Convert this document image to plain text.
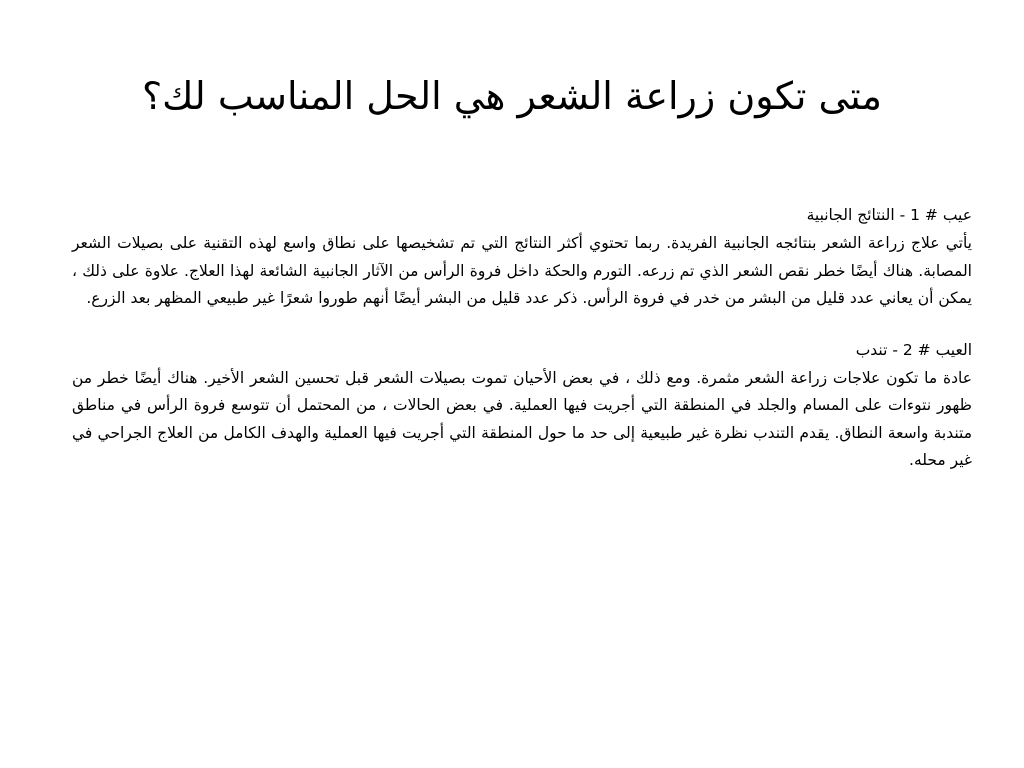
متى تكون زراعة الشعر هي الحل المناسب لك؟

عيب # 1 - النتائج الجانبية

يأتي علاج زراعة الشعر بنتائجه الجانبية الفريدة. ربما تحتوي أكثر النتائج التي تم تشخيصها على نطاق واسع لهذه التقنية على بصيلات الشعر المصابة. هناك أيضًا خطر نقص الشعر الذي تم زرعه. التورم والحكة داخل فروة الرأس من الآثار الجانبية الشائعة لهذا العلاج. علاوة على ذلك ، يمكن أن يعاني عدد قليل من البشر من خدر في فروة الرأس. ذكر عدد قليل من البشر أيضًا أنهم طوروا شعرًا غير طبيعي المظهر بعد الزرع.

العيب # 2 - تندب

عادة ما تكون علاجات زراعة الشعر مثمرة. ومع ذلك ، في بعض الأحيان تموت بصيلات الشعر قبل تحسين الشعر الأخير. هناك أيضًا خطر من ظهور نتوءات على المسام والجلد في المنطقة التي أجريت فيها العملية. في بعض الحالات ، من المحتمل أن تتوسع فروة الرأس في مناطق متندبة واسعة النطاق. يقدم التندب نظرة غير طبيعية إلى حد ما حول المنطقة التي أجريت فيها العملية والهدف الكامل من العلاج الجراحي في غير محله.
